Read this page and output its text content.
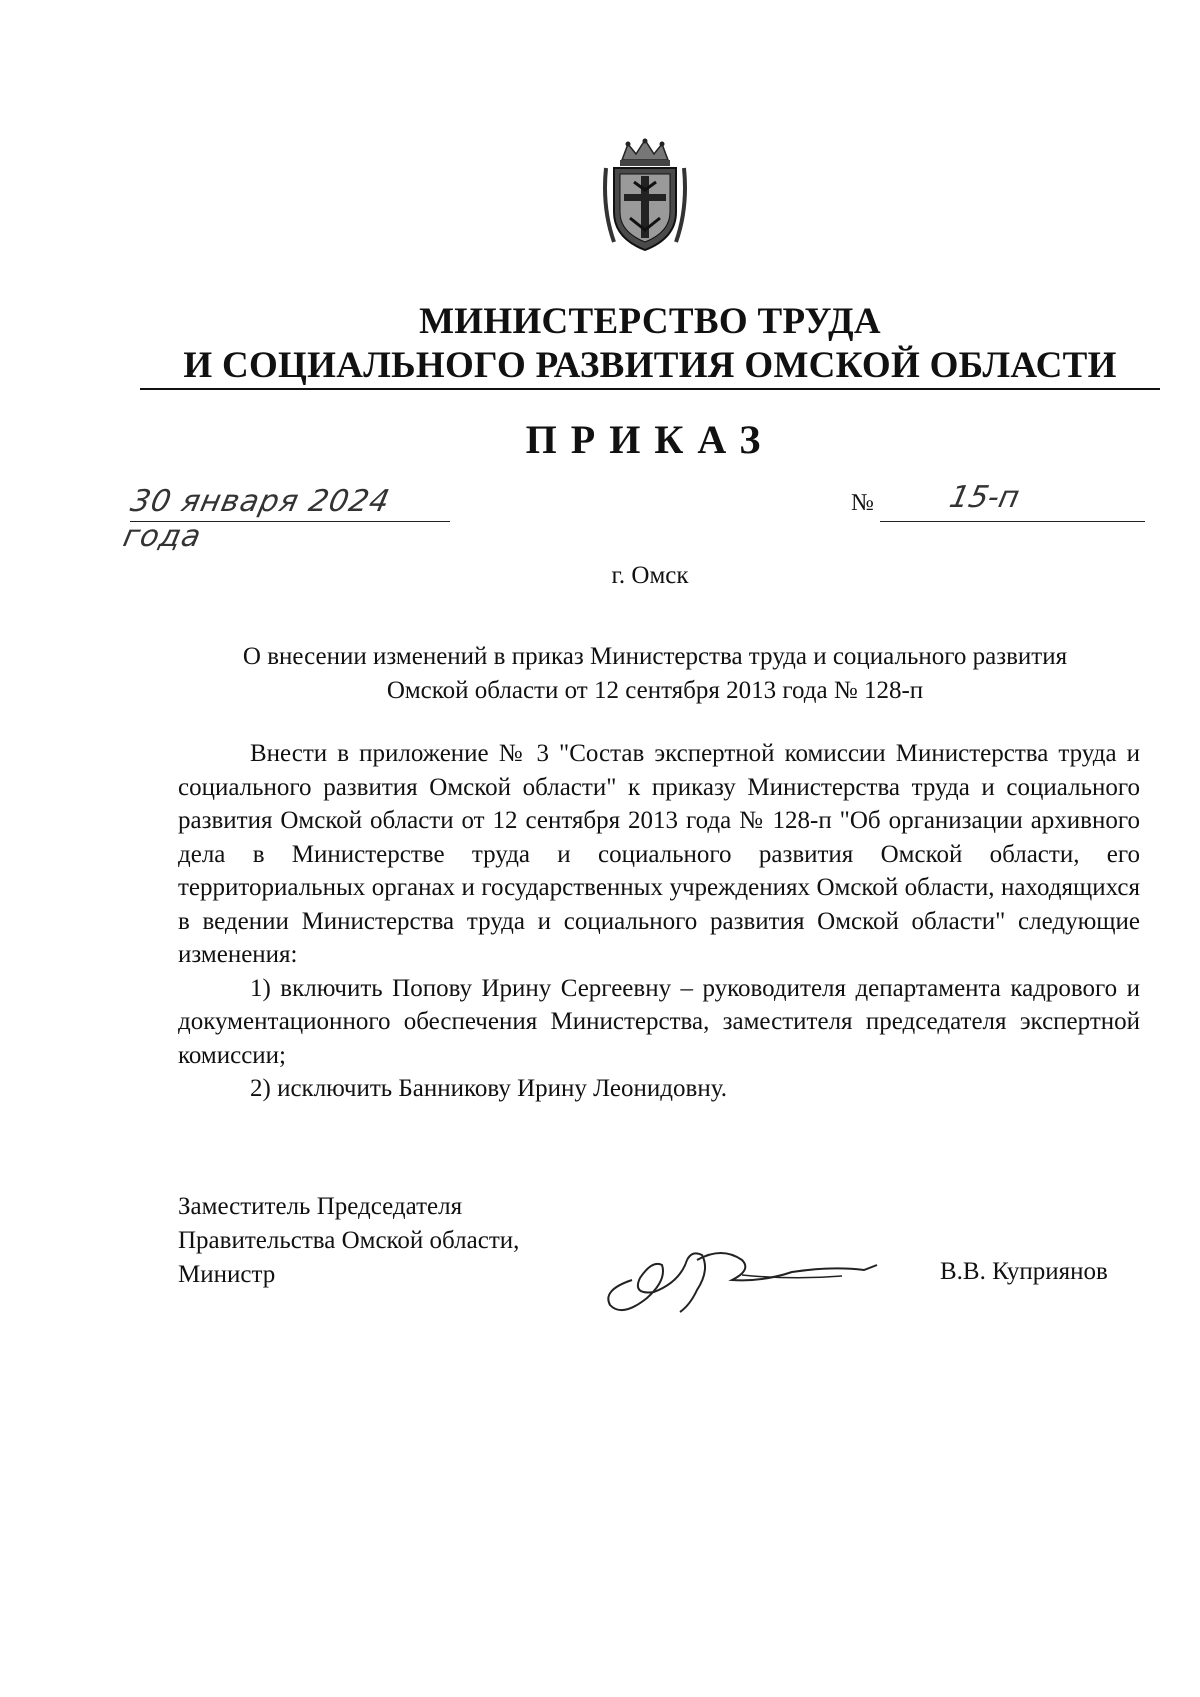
МИНИСТЕРСТВО ТРУДА
И СОЦИАЛЬНОГО РАЗВИТИЯ ОМСКОЙ ОБЛАСТИ
ПРИКАЗ
30 января 2024 года
№ 15-п
г. Омск
О внесении изменений в приказ Министерства труда и социального развития
Омской области от 12 сентября 2013 года № 128-п

Внести в приложение № 3 "Состав экспертной комиссии Министерства труда и социального развития Омской области" к приказу Министерства труда и социального развития Омской области от 12 сентября 2013 года № 128-п "Об организации архивного дела в Министерстве труда и социального развития Омской области, его территориальных органах и государственных учреждениях Омской области, находящихся в ведении Министерства труда и социального развития Омской области" следующие изменения:

1) включить Попову Ирину Сергеевну – руководителя департамента кадрового и документационного обеспечения Министерства, заместителя председателя экспертной комиссии;

2) исключить Банникову Ирину Леонидовну.

Заместитель Председателя
Правительства Омской области,
Министр	В.В. Куприянов
